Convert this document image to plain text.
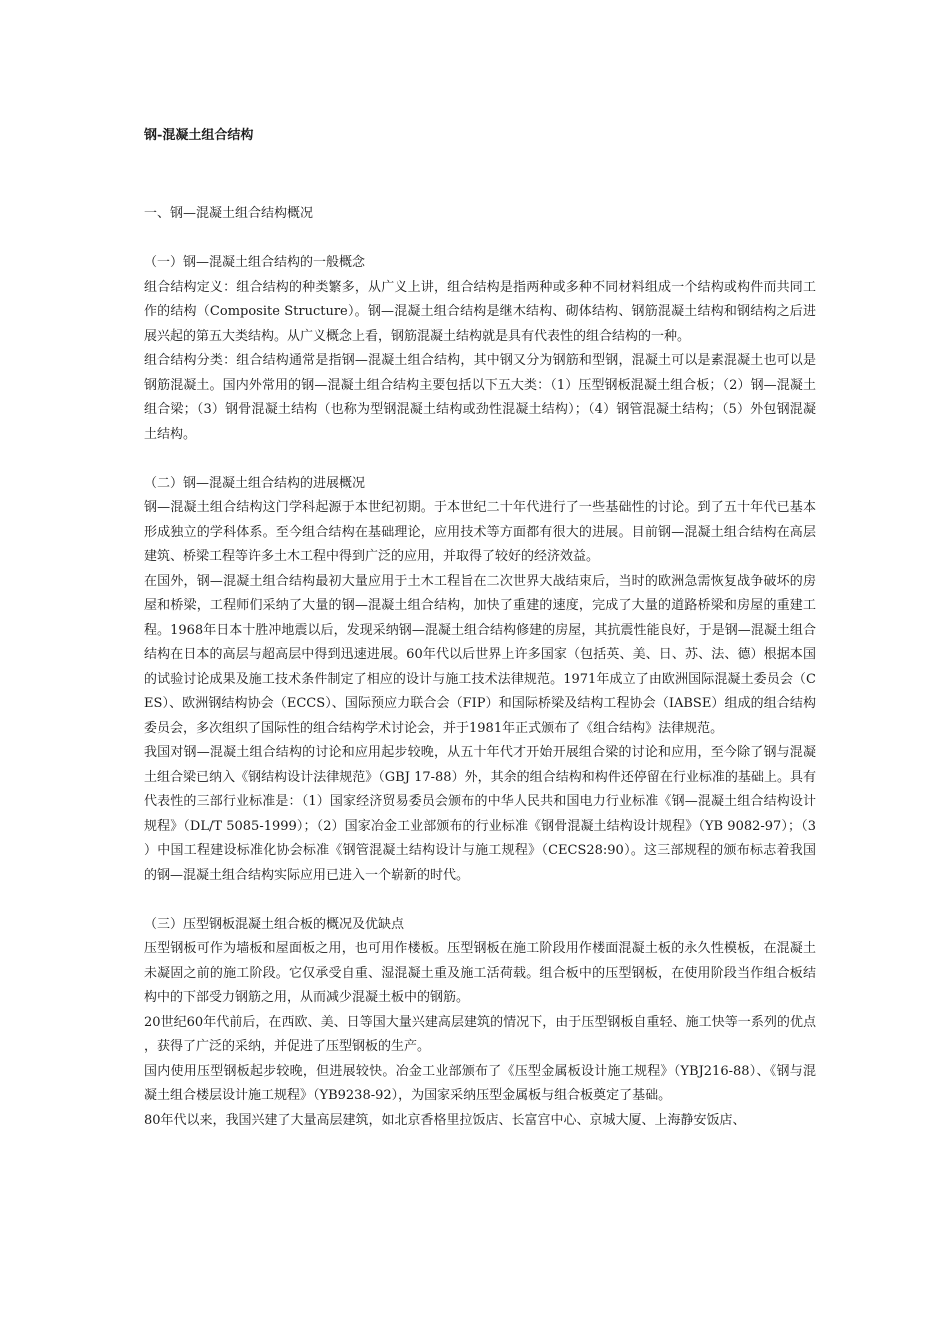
钢-混凝土组合结构
一、钢—混凝土组合结构概况
（一）钢—混凝土组合结构的一般概念

组合结构定义：组合结构的种类繁多，从广义上讲，组合结构是指两种或多种不同材料组成一个结构或构件而共同工作的结构（Composite Structure）。钢—混凝土组合结构是继木结构、砌体结构、钢筋混凝土结构和钢结构之后进展兴起的第五大类结构。从广义概念上看，钢筋混凝土结构就是具有代表性的组合结构的一种。

组合结构分类：组合结构通常是指钢—混凝土组合结构，其中钢又分为钢筋和型钢，混凝土可以是素混凝土也可以是钢筋混凝土。国内外常用的钢—混凝土组合结构主要包括以下五大类：（1）压型钢板混凝土组合板；（2）钢—混凝土组合梁；（3）钢骨混凝土结构（也称为型钢混凝土结构或劲性混凝土结构）；（4）钢管混凝土结构；（5）外包钢混凝土结构。

（二）钢—混凝土组合结构的进展概况

钢—混凝土组合结构这门学科起源于本世纪初期。于本世纪二十年代进行了一些基础性的讨论。到了五十年代已基本形成独立的学科体系。至今组合结构在基础理论，应用技术等方面都有很大的进展。目前钢—混凝土组合结构在高层建筑、桥梁工程等许多土木工程中得到广泛的应用，并取得了较好的经济效益。

在国外，钢—混凝土组合结构最初大量应用于土木工程旨在二次世界大战结束后，当时的欧洲急需恢复战争破坏的房屋和桥梁，工程师们采纳了大量的钢—混凝土组合结构，加快了重建的速度，完成了大量的道路桥梁和房屋的重建工程。1968年日本十胜冲地震以后，发现采纳钢—混凝土组合结构修建的房屋，其抗震性能良好，于是钢—混凝土组合结构在日本的高层与超高层中得到迅速进展。60年代以后世界上许多国家（包括英、美、日、苏、法、德）根据本国的试验讨论成果及施工技术条件制定了相应的设计与施工技术法律规范。1971年成立了由欧洲国际混凝土委员会（CES）、欧洲钢结构协会（ECCS）、国际预应力联合会（FIP）和国际桥梁及结构工程协会（IABSE）组成的组合结构委员会，多次组织了国际性的组合结构学术讨论会，并于1981年正式颁布了《组合结构》法律规范。

我国对钢—混凝土组合结构的讨论和应用起步较晚，从五十年代才开始开展组合梁的讨论和应用，至今除了钢与混凝土组合梁已纳入《钢结构设计法律规范》（GBJ 17-88）外，其余的组合结构和构件还停留在行业标准的基础上。具有代表性的三部行业标准是：（1）国家经济贸易委员会颁布的中华人民共和国电力行业标准《钢—混凝土组合结构设计规程》（DL/T 5085-1999）；（2）国家冶金工业部颁布的行业标准《钢骨混凝土结构设计规程》（YB 9082-97）；（3）中国工程建设标准化协会标准《钢管混凝土结构设计与施工规程》（CECS28:90）。这三部规程的颁布标志着我国的钢—混凝土组合结构实际应用已进入一个崭新的时代。

（三）压型钢板混凝土组合板的概况及优缺点

压型钢板可作为墙板和屋面板之用，也可用作楼板。压型钢板在施工阶段用作楼面混凝土板的永久性模板，在混凝土未凝固之前的施工阶段。它仅承受自重、湿混凝土重及施工活荷载。组合板中的压型钢板，在使用阶段当作组合板结构中的下部受力钢筋之用，从而减少混凝土板中的钢筋。

20世纪60年代前后，在西欧、美、日等国大量兴建高层建筑的情况下，由于压型钢板自重轻、施工快等一系列的优点，获得了广泛的采纳，并促进了压型钢板的生产。

国内使用压型钢板起步较晚，但进展较快。冶金工业部颁布了《压型金属板设计施工规程》（YBJ216-88）、《钢与混凝土组合楼层设计施工规程》（YB9238-92），为国家采纳压型金属板与组合板奠定了基础。

80年代以来，我国兴建了大量高层建筑，如北京香格里拉饭店、长富宫中心、京城大厦、上海静安饭店、
